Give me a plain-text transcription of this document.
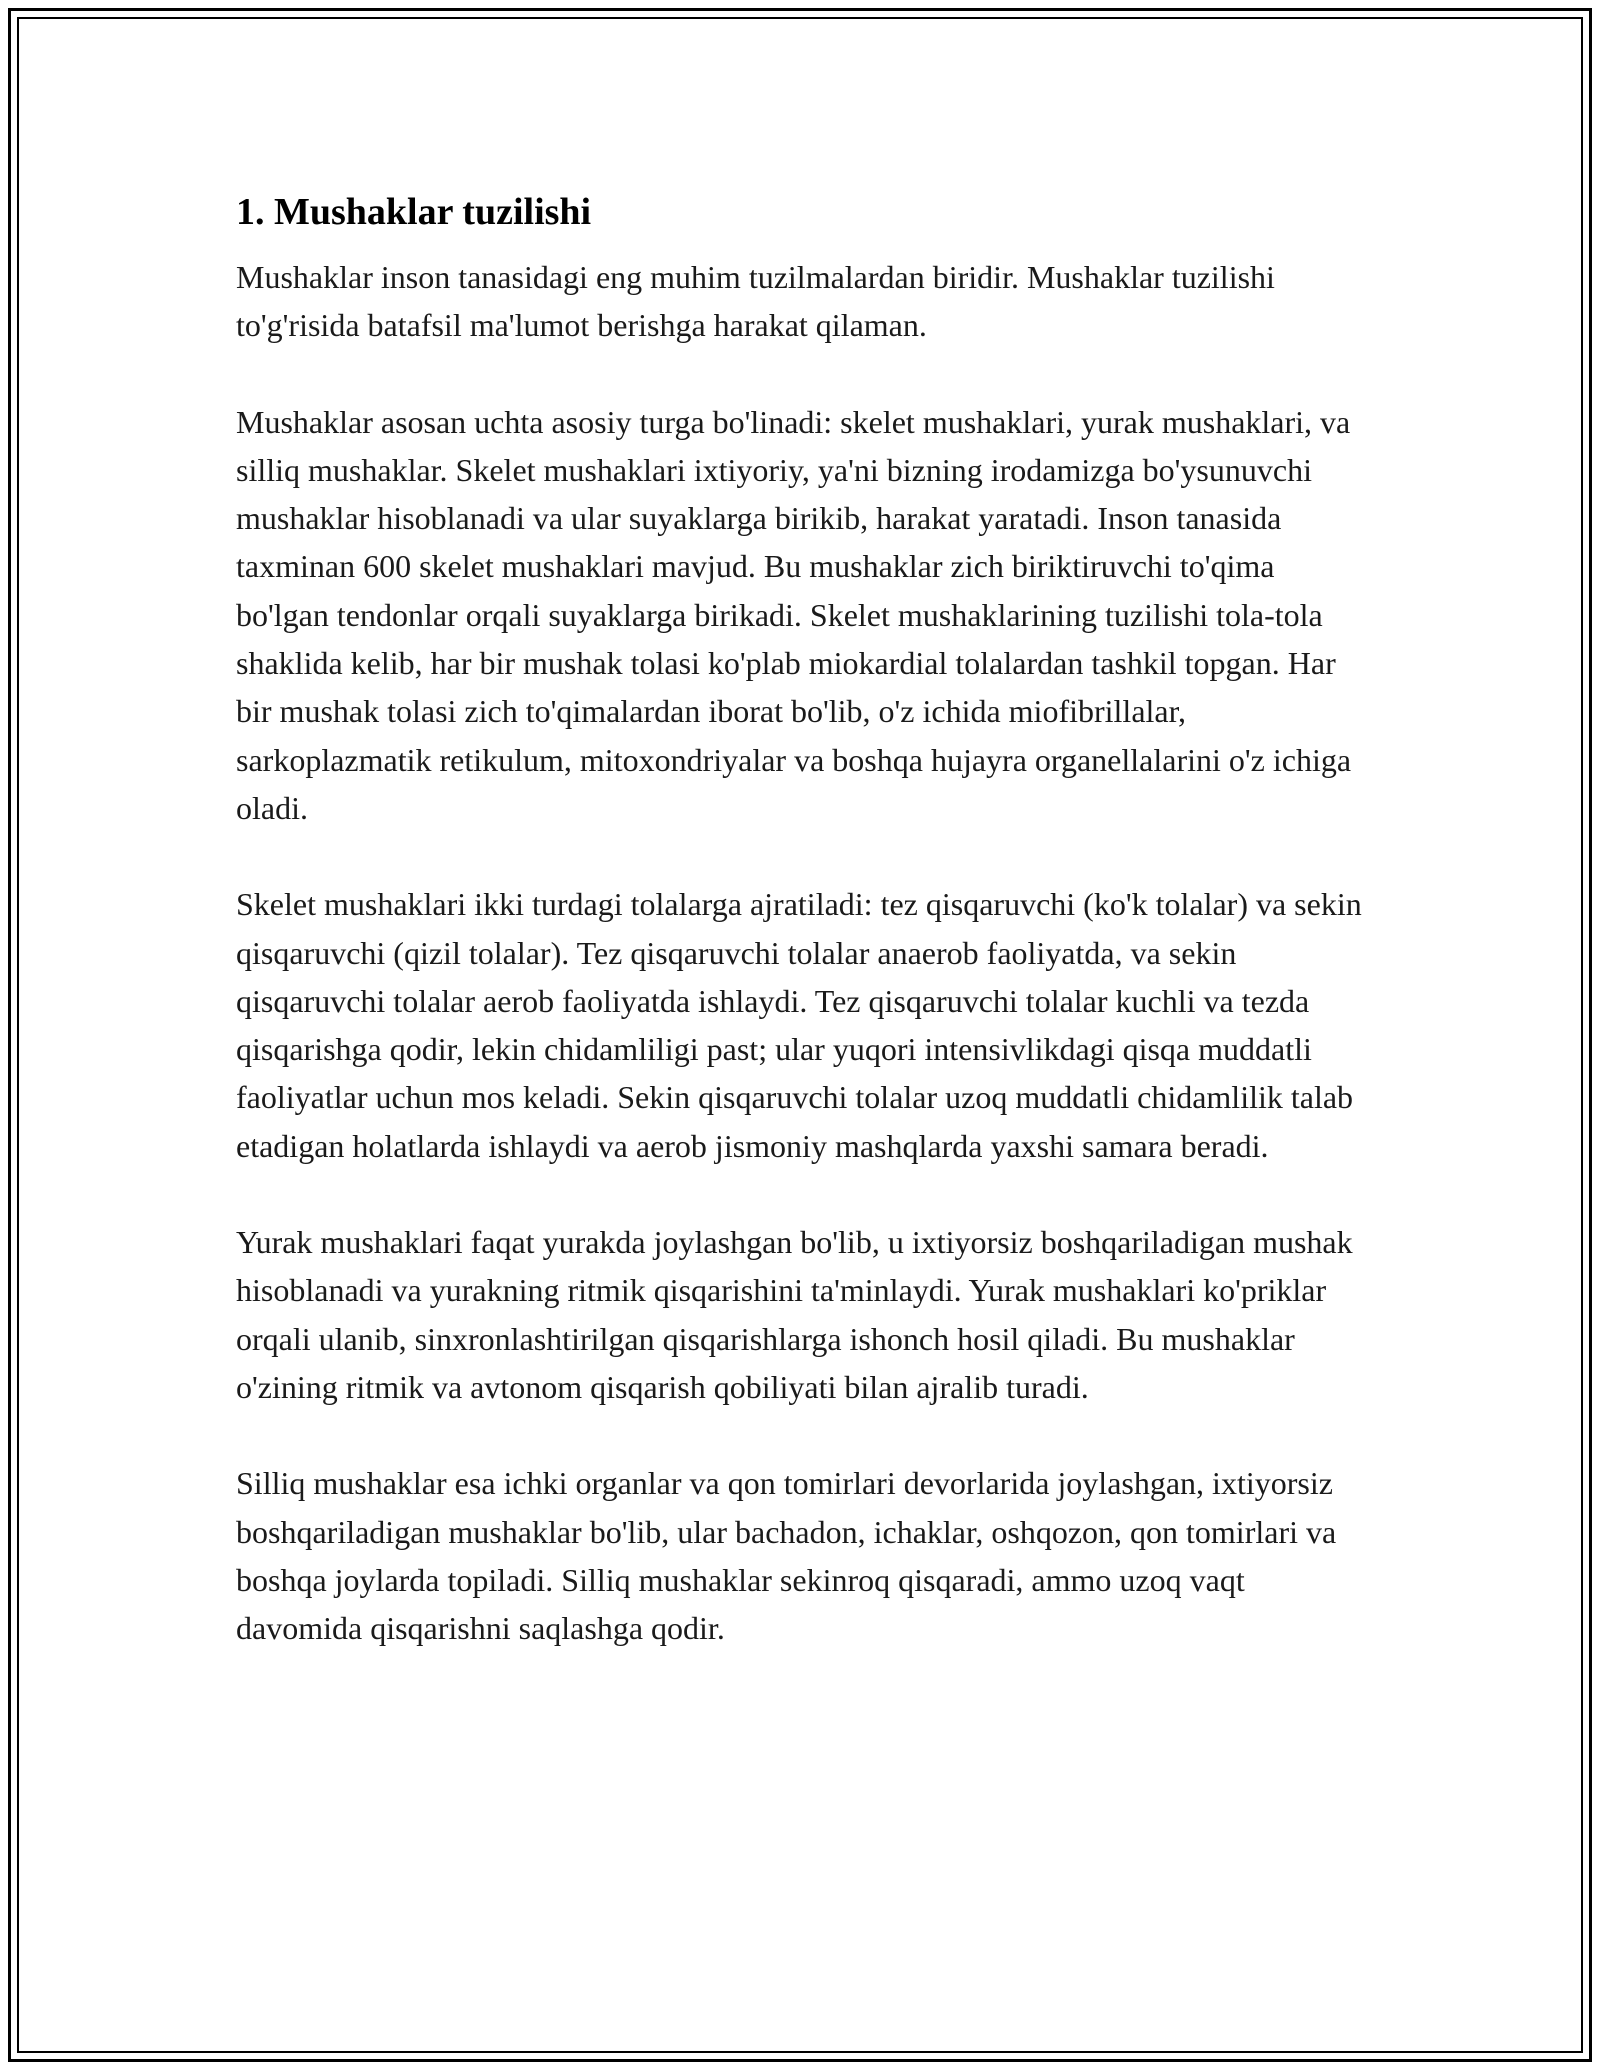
1. Mushaklar tuzilishi

Mushaklar inson tanasidagi eng muhim tuzilmalardan biridir. Mushaklar tuzilishi to'g'risida batafsil ma'lumot berishga harakat qilaman.

Mushaklar asosan uchta asosiy turga bo'linadi: skelet mushaklari, yurak mushaklari, va silliq mushaklar. Skelet mushaklari ixtiyoriy, ya'ni bizning irodamizga bo'ysunuvchi mushaklar hisoblanadi va ular suyaklarga birikib, harakat yaratadi. Inson tanasida taxminan 600 skelet mushaklari mavjud. Bu mushaklar zich biriktiruvchi to'qima bo'lgan tendonlar orqali suyaklarga birikadi. Skelet mushaklarining tuzilishi tola-tola shaklida kelib, har bir mushak tolasi ko'plab miokardial tolalardan tashkil topgan. Har bir mushak tolasi zich to'qimalardan iborat bo'lib, o'z ichida miofibrillalar, sarkoplazmatik retikulum, mitoxondriyalar va boshqa hujayra organellalarini o'z ichiga oladi.

Skelet mushaklari ikki turdagi tolalarga ajratiladi: tez qisqaruvchi (ko'k tolalar) va sekin qisqaruvchi (qizil tolalar). Tez qisqaruvchi tolalar anaerob faoliyatda, va sekin qisqaruvchi tolalar aerob faoliyatda ishlaydi. Tez qisqaruvchi tolalar kuchli va tezda qisqarishga qodir, lekin chidamliligi past; ular yuqori intensivlikdagi qisqa muddatli faoliyatlar uchun mos keladi. Sekin qisqaruvchi tolalar uzoq muddatli chidamlilik talab etadigan holatlarda ishlaydi va aerob jismoniy mashqlarda yaxshi samara beradi.

Yurak mushaklari faqat yurakda joylashgan bo'lib, u ixtiyorsiz boshqariladigan mushak hisoblanadi va yurakning ritmik qisqarishini ta'minlaydi. Yurak mushaklari ko'priklar orqali ulanib, sinxronlashtirilgan qisqarishlarga ishonch hosil qiladi. Bu mushaklar o'zining ritmik va avtonom qisqarish qobiliyati bilan ajralib turadi.

Silliq mushaklar esa ichki organlar va qon tomirlari devorlarida joylashgan, ixtiyorsiz boshqariladigan mushaklar bo'lib, ular bachadon, ichaklar, oshqozon, qon tomirlari va boshqa joylarda topiladi. Silliq mushaklar sekinroq qisqaradi, ammo uzoq vaqt davomida qisqarishni saqlashga qodir.
